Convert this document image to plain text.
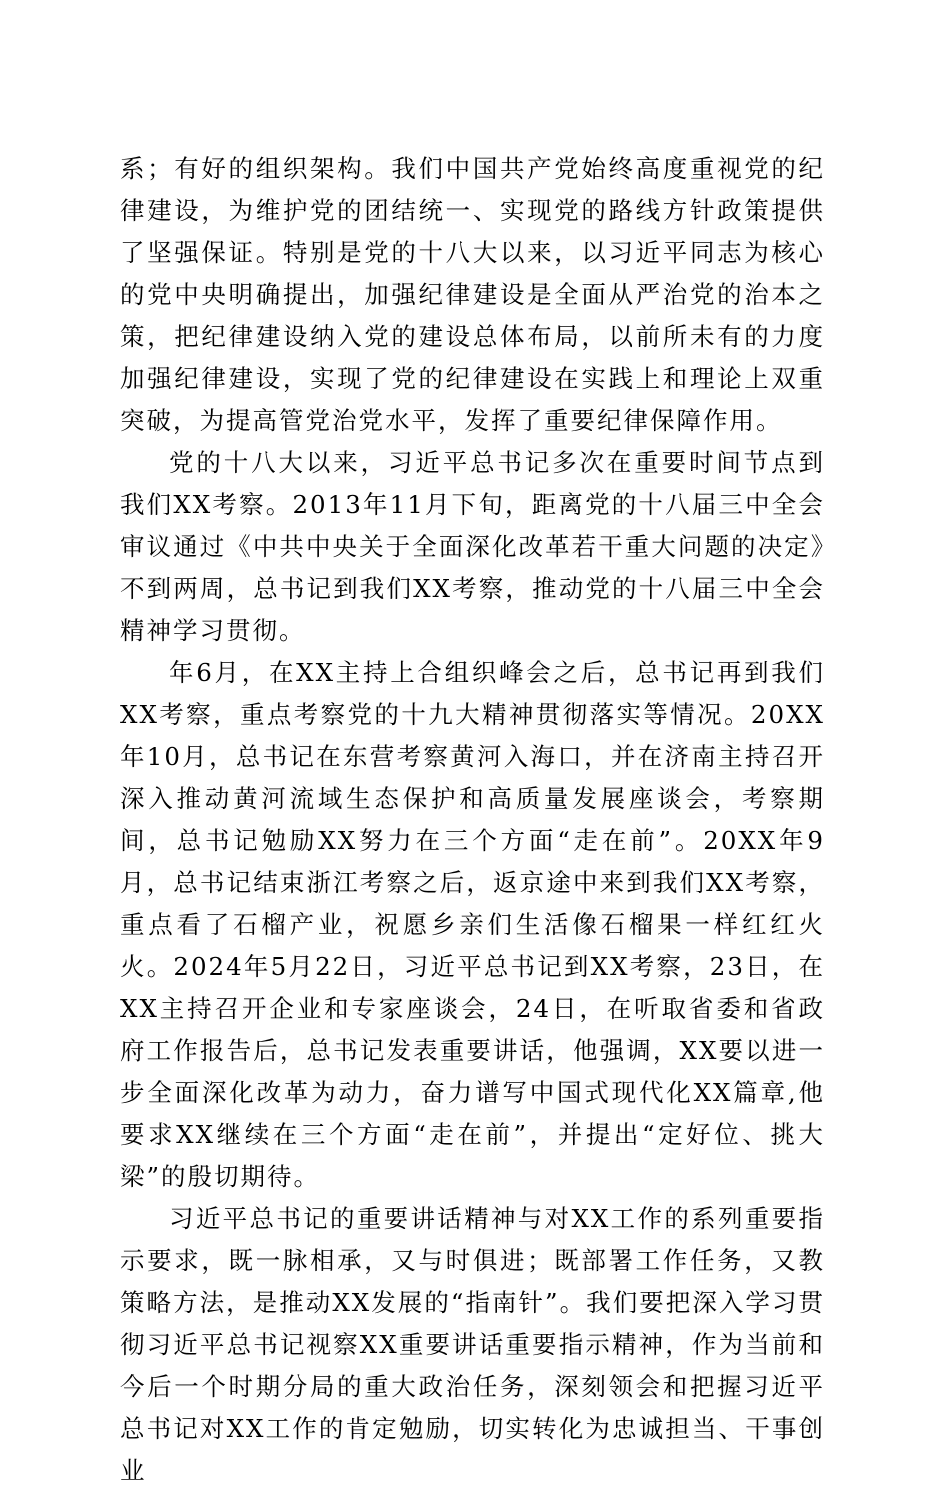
系；有好的组织架构。我们中国共产党始终高度重视党的纪律建设，为维护党的团结统一、实现党的路线方针政策提供了坚强保证。特别是党的十八大以来，以习近平同志为核心的党中央明确提出，加强纪律建设是全面从严治党的治本之策，把纪律建设纳入党的建设总体布局，以前所未有的力度加强纪律建设，实现了党的纪律建设在实践上和理论上双重突破，为提高管党治党水平，发挥了重要纪律保障作用。

党的十八大以来，习近平总书记多次在重要时间节点到我们XX考察。2013年11月下旬，距离党的十八届三中全会审议通过《中共中央关于全面深化改革若干重大问题的决定》不到两周，总书记到我们XX考察，推动党的十八届三中全会精神学习贯彻。

年6月，在XX主持上合组织峰会之后，总书记再到我们XX考察，重点考察党的十九大精神贯彻落实等情况。20XX年10月，总书记在东营考察黄河入海口，并在济南主持召开深入推动黄河流域生态保护和高质量发展座谈会，考察期间，总书记勉励XX努力在三个方面“走在前”。20XX年9月，总书记结束浙江考察之后，返京途中来到我们XX考察，重点看了石榴产业，祝愿乡亲们生活像石榴果一样红红火火。2024年5月22日，习近平总书记到XX考察，23日，在XX主持召开企业和专家座谈会，24日，在听取省委和省政府工作报告后，总书记发表重要讲话，他强调，XX要以进一步全面深化改革为动力，奋力谱写中国式现代化XX篇章,他要求XX继续在三个方面“走在前”，并提出“定好位、挑大梁”的殷切期待。

习近平总书记的重要讲话精神与对XX工作的系列重要指示要求，既一脉相承，又与时俱进；既部署工作任务，又教策略方法，是推动XX发展的“指南针”。我们要把深入学习贯彻习近平总书记视察XX重要讲话重要指示精神，作为当前和今后一个时期分局的重大政治任务，深刻领会和把握习近平总书记对XX工作的肯定勉励，切实转化为忠诚担当、干事创业
